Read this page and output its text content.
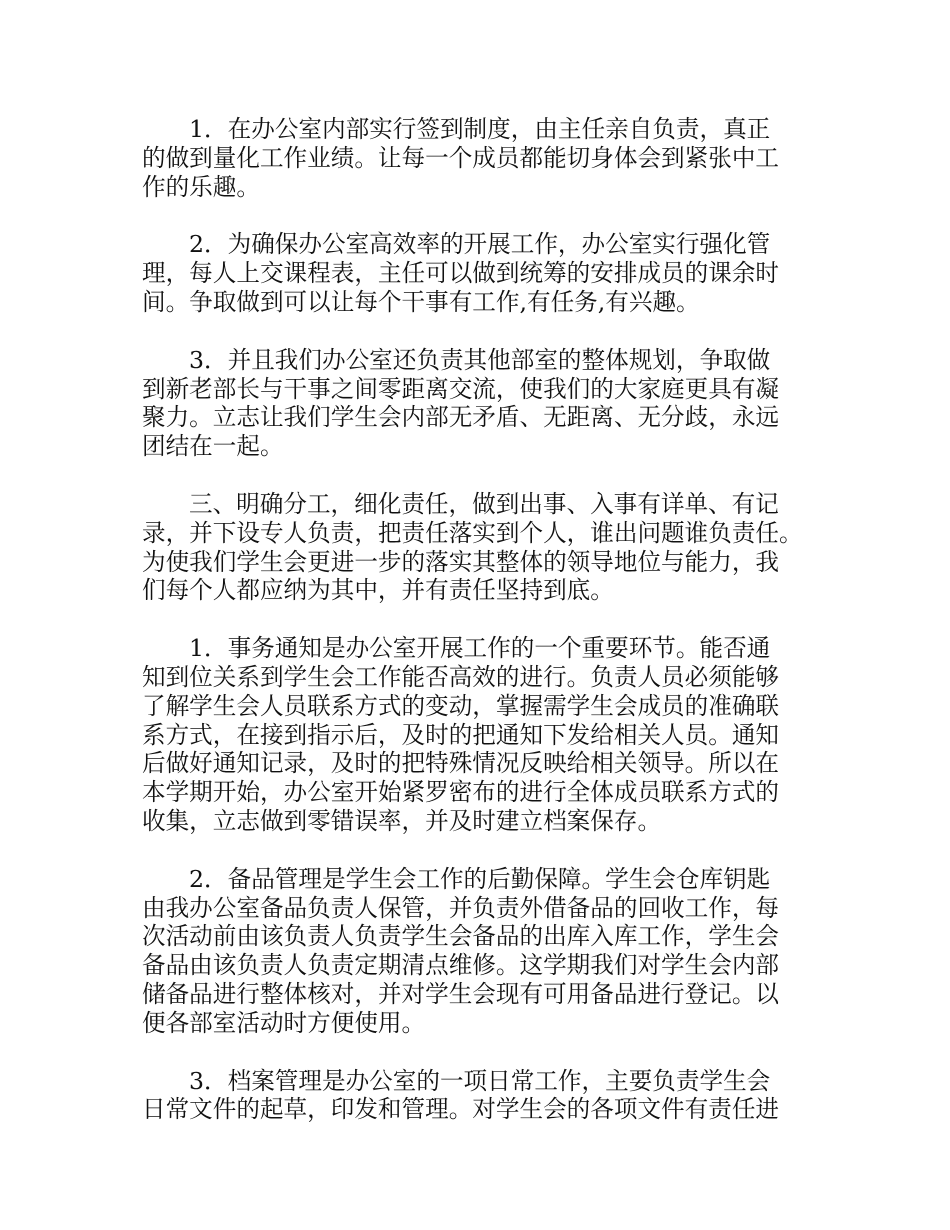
1．在办公室内部实行签到制度，由主任亲自负责，真正
的做到量化工作业绩。让每一个成员都能切身体会到紧张中工
作的乐趣。

2．为确保办公室高效率的开展工作，办公室实行强化管
理，每人上交课程表，主任可以做到统筹的安排成员的课余时
间。争取做到可以让每个干事有工作,有任务,有兴趣。

3．并且我们办公室还负责其他部室的整体规划，争取做
到新老部长与干事之间零距离交流，使我们的大家庭更具有凝
聚力。立志让我们学生会内部无矛盾、无距离、无分歧，永远
团结在一起。

三、明确分工，细化责任，做到出事、入事有详单、有记
录，并下设专人负责，把责任落实到个人，谁出问题谁负责任。
为使我们学生会更进一步的落实其整体的领导地位与能力，我
们每个人都应纳为其中，并有责任坚持到底。

1．事务通知是办公室开展工作的一个重要环节。能否通
知到位关系到学生会工作能否高效的进行。负责人员必须能够
了解学生会人员联系方式的变动，掌握需学生会成员的准确联
系方式，在接到指示后，及时的把通知下发给相关人员。通知
后做好通知记录，及时的把特殊情况反映给相关领导。所以在
本学期开始，办公室开始紧罗密布的进行全体成员联系方式的
收集，立志做到零错误率，并及时建立档案保存。

2．备品管理是学生会工作的后勤保障。学生会仓库钥匙
由我办公室备品负责人保管，并负责外借备品的回收工作，每
次活动前由该负责人负责学生会备品的出库入库工作，学生会
备品由该负责人负责定期清点维修。这学期我们对学生会内部
储备品进行整体核对，并对学生会现有可用备品进行登记。以
便各部室活动时方便使用。

3．档案管理是办公室的一项日常工作，主要负责学生会
日常文件的起草，印发和管理。对学生会的各项文件有责任进
